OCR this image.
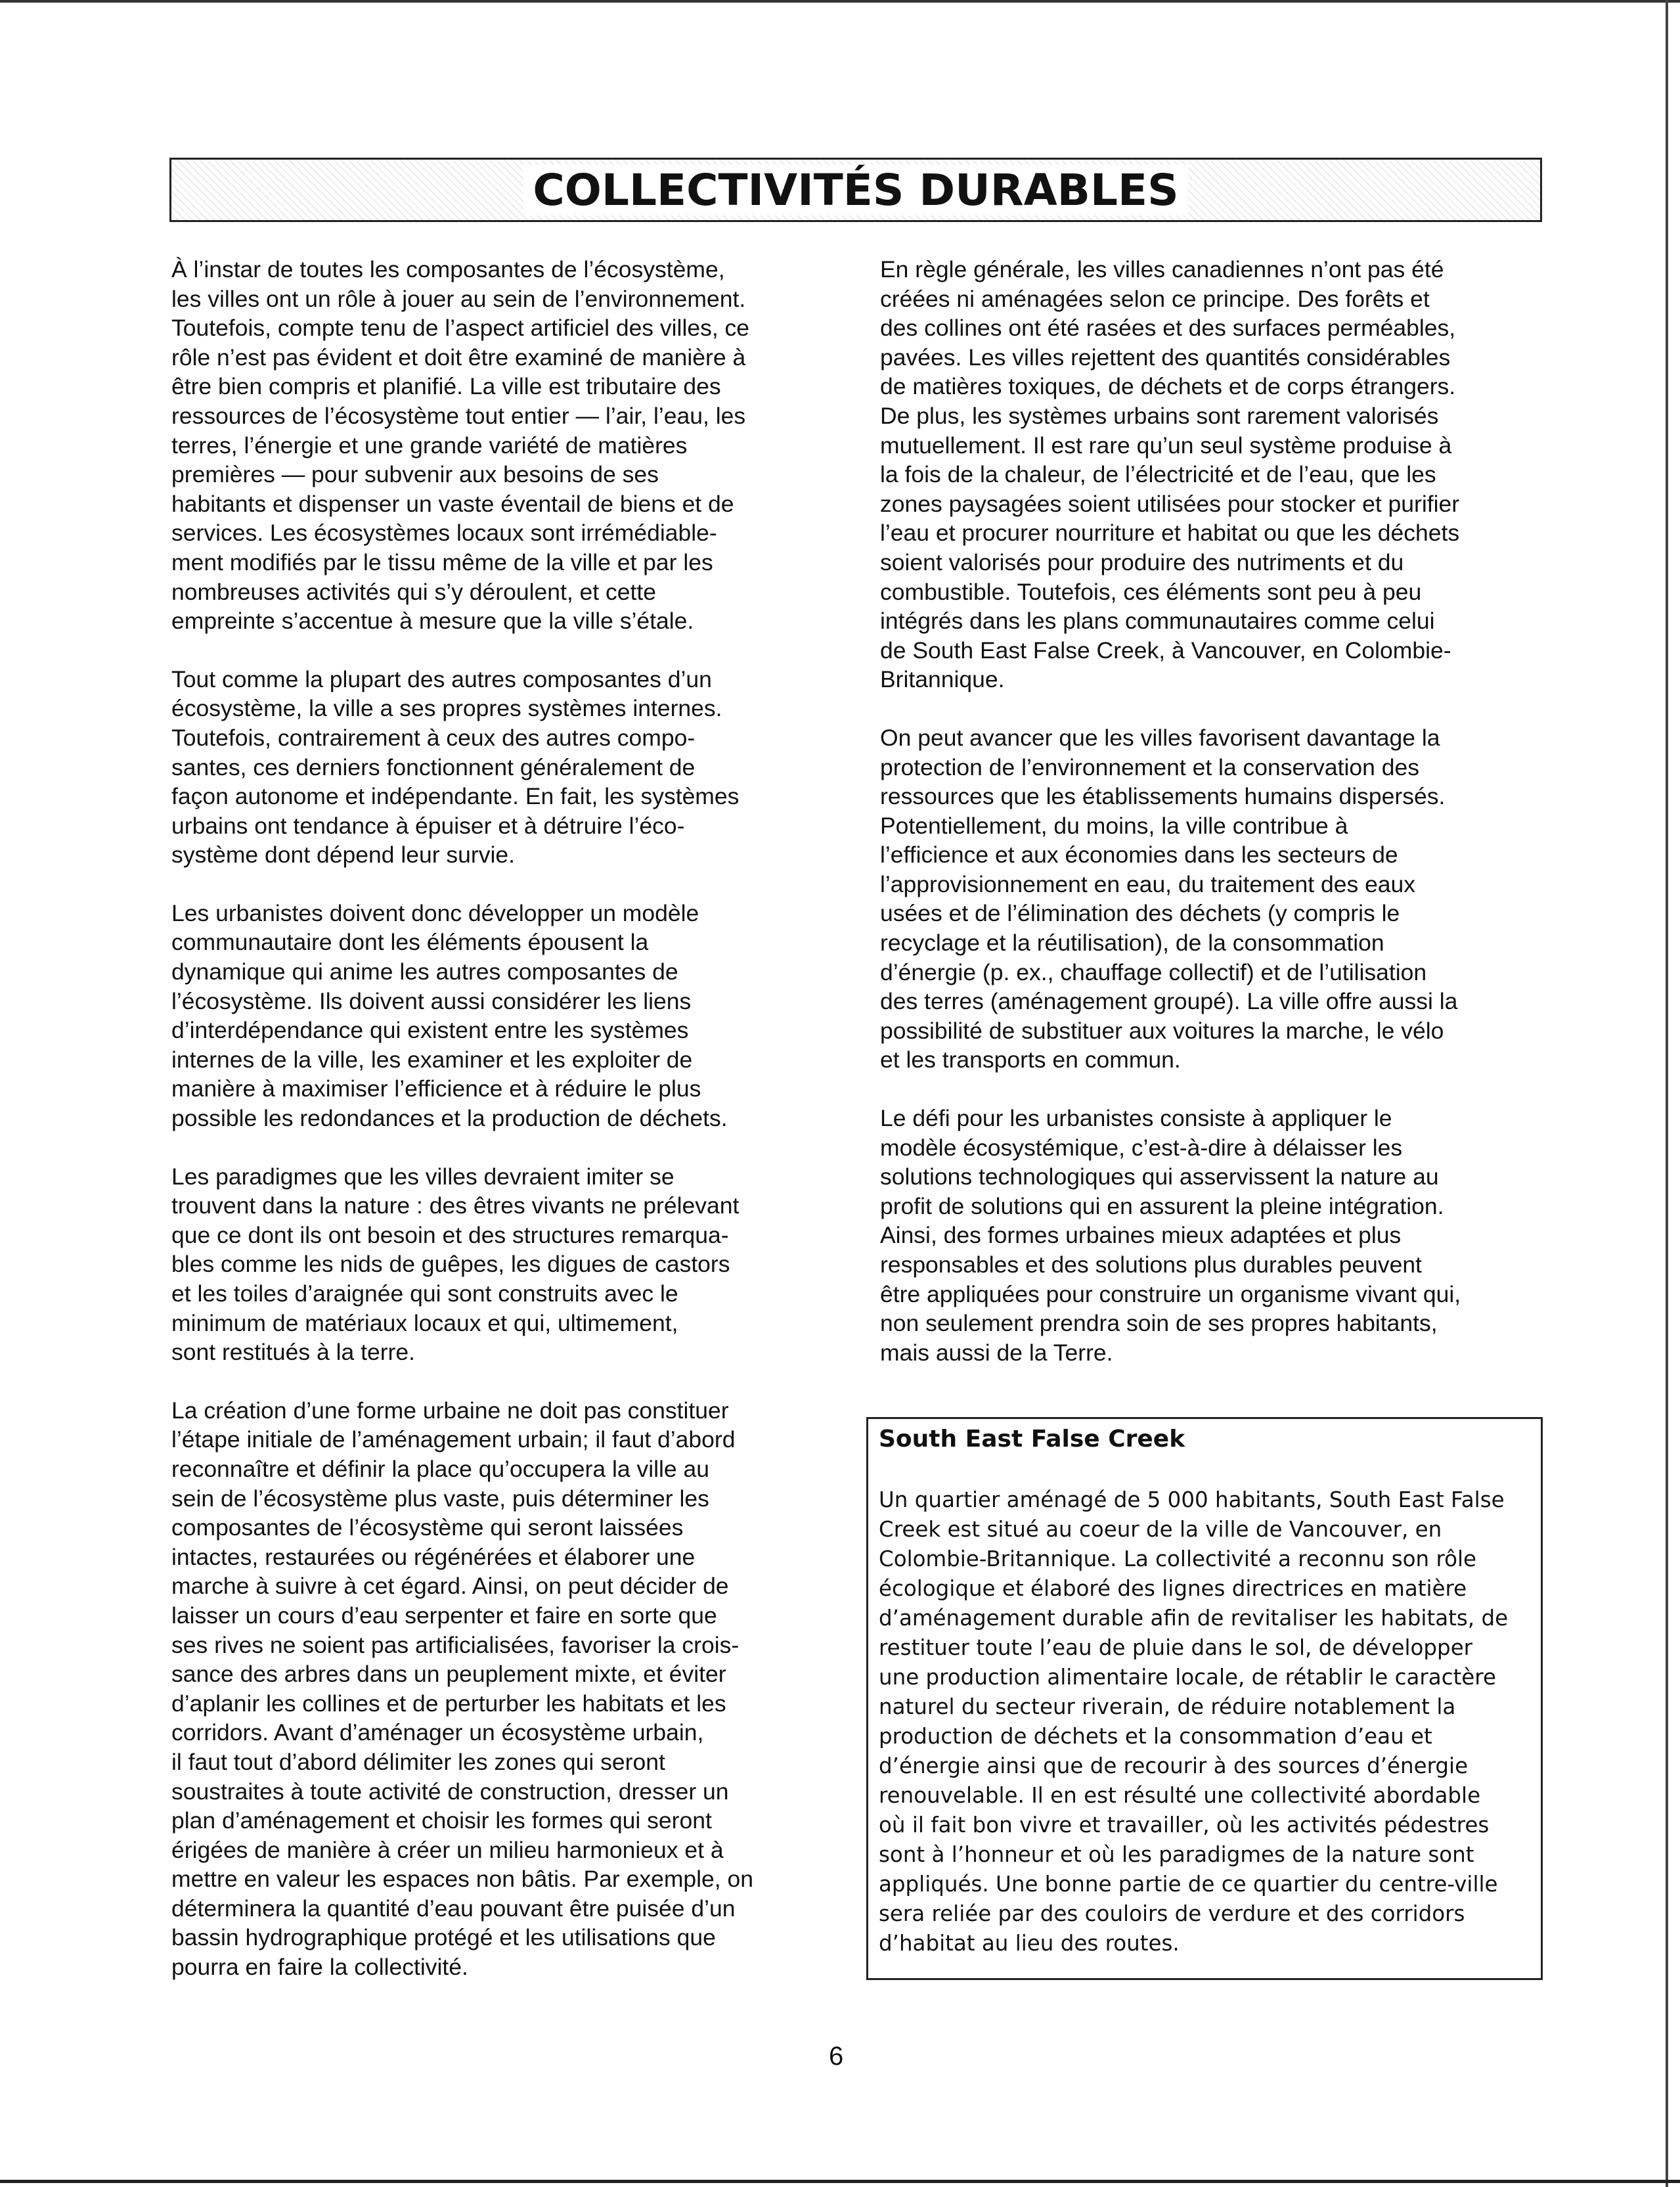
COLLECTIVITÉS DURABLES

À l’instar de toutes les composantes de l’écosystème,
les villes ont un rôle à jouer au sein de l’environnement.
Toutefois, compte tenu de l’aspect artificiel des villes, ce
rôle n’est pas évident et doit être examiné de manière à
être bien compris et planifié. La ville est tributaire des
ressources de l’écosystème tout entier — l’air, l’eau, les
terres, l’énergie et une grande variété de matières
premières — pour subvenir aux besoins de ses
habitants et dispenser un vaste éventail de biens et de
services. Les écosystèmes locaux sont irrémédiable-
ment modifiés par le tissu même de la ville et par les
nombreuses activités qui s’y déroulent, et cette
empreinte s’accentue à mesure que la ville s’étale.

Tout comme la plupart des autres composantes d’un
écosystème, la ville a ses propres systèmes internes.
Toutefois, contrairement à ceux des autres compo-
santes, ces derniers fonctionnent généralement de
façon autonome et indépendante. En fait, les systèmes
urbains ont tendance à épuiser et à détruire l’éco-
système dont dépend leur survie.

Les urbanistes doivent donc développer un modèle
communautaire dont les éléments épousent la
dynamique qui anime les autres composantes de
l’écosystème. Ils doivent aussi considérer les liens
d’interdépendance qui existent entre les systèmes
internes de la ville, les examiner et les exploiter de
manière à maximiser l’efficience et à réduire le plus
possible les redondances et la production de déchets.

Les paradigmes que les villes devraient imiter se
trouvent dans la nature : des êtres vivants ne prélevant
que ce dont ils ont besoin et des structures remarqua-
bles comme les nids de guêpes, les digues de castors
et les toiles d’araignée qui sont construits avec le
minimum de matériaux locaux et qui, ultimement,
sont restitués à la terre.

La création d’une forme urbaine ne doit pas constituer
l’étape initiale de l’aménagement urbain; il faut d’abord
reconnaître et définir la place qu’occupera la ville au
sein de l’écosystème plus vaste, puis déterminer les
composantes de l’écosystème qui seront laissées
intactes, restaurées ou régénérées et élaborer une
marche à suivre à cet égard. Ainsi, on peut décider de
laisser un cours d’eau serpenter et faire en sorte que
ses rives ne soient pas artificialisées, favoriser la crois-
sance des arbres dans un peuplement mixte, et éviter
d’aplanir les collines et de perturber les habitats et les
corridors. Avant d’aménager un écosystème urbain,
il faut tout d’abord délimiter les zones qui seront
soustraites à toute activité de construction, dresser un
plan d’aménagement et choisir les formes qui seront
érigées de manière à créer un milieu harmonieux et à
mettre en valeur les espaces non bâtis. Par exemple, on
déterminera la quantité d’eau pouvant être puisée d’un
bassin hydrographique protégé et les utilisations que
pourra en faire la collectivité.

En règle générale, les villes canadiennes n’ont pas été
créées ni aménagées selon ce principe. Des forêts et
des collines ont été rasées et des surfaces perméables,
pavées. Les villes rejettent des quantités considérables
de matières toxiques, de déchets et de corps étrangers.
De plus, les systèmes urbains sont rarement valorisés
mutuellement. Il est rare qu’un seul système produise à
la fois de la chaleur, de l’électricité et de l’eau, que les
zones paysagées soient utilisées pour stocker et purifier
l’eau et procurer nourriture et habitat ou que les déchets
soient valorisés pour produire des nutriments et du
combustible. Toutefois, ces éléments sont peu à peu
intégrés dans les plans communautaires comme celui
de South East False Creek, à Vancouver, en Colombie-
Britannique.

On peut avancer que les villes favorisent davantage la
protection de l’environnement et la conservation des
ressources que les établissements humains dispersés.
Potentiellement, du moins, la ville contribue à
l’efficience et aux économies dans les secteurs de
l’approvisionnement en eau, du traitement des eaux
usées et de l’élimination des déchets (y compris le
recyclage et la réutilisation), de la consommation
d’énergie (p. ex., chauffage collectif) et de l’utilisation
des terres (aménagement groupé). La ville offre aussi la
possibilité de substituer aux voitures la marche, le vélo
et les transports en commun.

Le défi pour les urbanistes consiste à appliquer le
modèle écosystémique, c’est-à-dire à délaisser les
solutions technologiques qui asservissent la nature au
profit de solutions qui en assurent la pleine intégration.
Ainsi, des formes urbaines mieux adaptées et plus
responsables et des solutions plus durables peuvent
être appliquées pour construire un organisme vivant qui,
non seulement prendra soin de ses propres habitants,
mais aussi de la Terre.

South East False Creek

Un quartier aménagé de 5 000 habitants, South East False
Creek est situé au coeur de la ville de Vancouver, en
Colombie-Britannique. La collectivité a reconnu son rôle
écologique et élaboré des lignes directrices en matière
d’aménagement durable afin de revitaliser les habitats, de
restituer toute l’eau de pluie dans le sol, de développer
une production alimentaire locale, de rétablir le caractère
naturel du secteur riverain, de réduire notablement la
production de déchets et la consommation d’eau et
d’énergie ainsi que de recourir à des sources d’énergie
renouvelable. Il en est résulté une collectivité abordable
où il fait bon vivre et travailler, où les activités pédestres
sont à l’honneur et où les paradigmes de la nature sont
appliqués. Une bonne partie de ce quartier du centre-ville
sera reliée par des couloirs de verdure et des corridors
d’habitat au lieu des routes.

6
